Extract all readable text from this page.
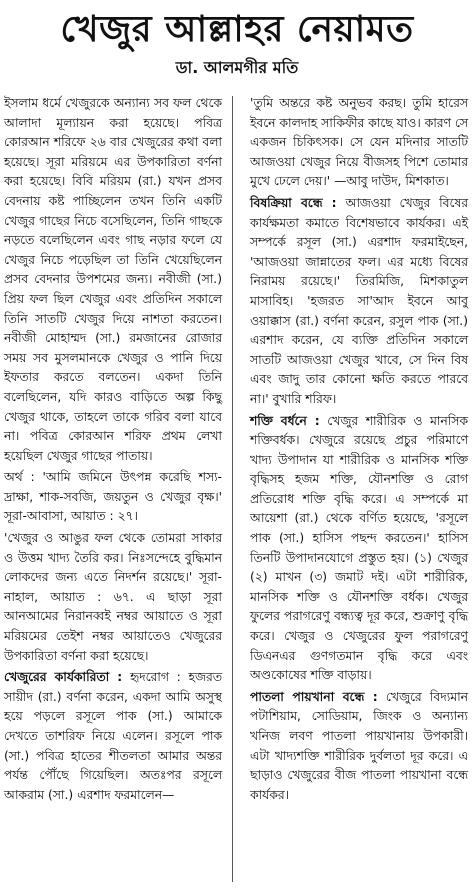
খেজুর আল্লাহর নেয়ামত
ডা. আলমগীর মতি

ইসলাম ধর্মে খেজুরকে অন্যান্য সব ফল থেকে আলাদা মূল্যায়ন করা হয়েছে। পবিত্র কোরআন শরিফে ২৬ বার খেজুরের কথা বলা হয়েছে। সূরা মরিয়মে এর উপকারিতা বর্ণনা করা হয়েছে। বিবি মরিয়ম (রা.) যখন প্রসব বেদনায় কষ্ট পাচ্ছিলেন তখন তিনি একটি খেজুর গাছের নিচে বসেছিলেন, তিনি গাছকে নড়তে বলেছিলেন এবং গাছ নড়ার ফলে যে খেজুর নিচে পড়েছিল তা তিনি খেয়েছিলেন প্রসব বেদনার উপশমের জন্য। নবীজী (সা.) প্রিয় ফল ছিল খেজুর এবং প্রতিদিন সকালে তিনি সাতটি খেজুর দিয়ে নাশতা করতেন। নবীজী মোহাম্মদ (সা.) রমজানের রোজার সময় সব মুসলমানকে খেজুর ও পানি দিয়ে ইফতার করতে বলতেন। একদা তিনি বলেছিলেন, যদি কারও বাড়িতে অল্প কিছু খেজুর থাকে, তাহলে তাকে গরিব বলা যাবে না। পবিত্র কোরআন শরিফ প্রথম লেখা হয়েছিল খেজুর গাছের পাতায়।

অর্থ : 'আমি জমিনে উৎপন্ন করেছি শস্য-দ্রাক্ষা, শাক-সবজি, জয়তুন ও খেজুর বৃক্ষ।' সূরা-আবাসা, আয়াত : ২৭।

'খেজুর ও আঙুর ফল থেকে তোমরা সাকার ও উত্তম খাদ্য তৈরি কর। নিঃসন্দেহে বুদ্ধিমান লোকদের জন্য এতে নিদর্শন রয়েছে।' সূরা- নাহাল, আয়াত : ৬৭. এ ছাড়া সূরা আনআমের নিরানব্বই নম্বর আয়াতে ও সূরা মরিয়মের তেইশ নম্বর আয়াতেও খেজুরের উপকারিতা বর্ণনা করা হয়েছে।

খেজুরের কার্যকারিতা : হৃদরোগ : হজরত সায়ীদ (রা.) বর্ণনা করেন, একদা আমি অসুস্থ হয়ে পড়লে রসূলে পাক (সা.) আমাকে দেখতে তাশরিফ নিয়ে এলেন। রসূলে পাক (সা.) পবিত্র হাতের শীতলতা আমার অন্তর পর্যন্ত পৌঁছে গিয়েছিল। অতঃপর রসূলে আকরাম (সা.) এরশাদ ফরমালেন—

'তুমি অন্তরে কষ্ট অনুভব করছ। তুমি হারেস ইবনে কালদাহ সাকিফীর কাছে যাও। কারণ সে একজন চিকিৎসক। সে যেন মদিনার সাতটি আজওয়া খেজুর নিয়ে বীজসহ পিশে তোমার মুখে ঢেলে দেয়।' —আবু দাউদ, মিশকাত।

বিষক্রিয়া বন্ধে : আজওয়া খেজুর বিষের কার্যক্ষমতা কমাতে বিশেষভাবে কার্যকর। এই সম্পর্কে রসূল (সা.) এরশাদ ফরমাইছেন, 'আজওয়া জান্নাতের ফল। এর মধ্যে বিষের নিরাময় রয়েছে।' তিরমিজি, মিশকাতুল মাসাবিহ। 'হজরত সা'আদ ইবনে আবু ওয়াক্কাস (রা.) বর্ণনা করেন, রসুল পাক (সা.) এরশাদ করেন, যে ব্যক্তি প্রতিদিন সকালে সাতটি আজওয়া খেজুর খাবে, সে দিন বিষ এবং জাদু তার কোনো ক্ষতি করতে পারবে না।' বুখারি শরিফ।

শক্তি বর্ধনে : খেজুর শারীরিক ও মানসিক শক্তিবর্ধক। খেজুরে রয়েছে প্রচুর পরিমাণে খাদ্য উপাদান যা শারীরিক ও মানসিক শক্তি বৃদ্ধিসহ হজম শক্তি, যৌনশক্তি ও রোগ প্রতিরোধ শক্তি বৃদ্ধি করে। এ সম্পর্কে মা আয়েশা (রা.) থেকে বর্ণিত হয়েছে, 'রসূলে পাক (সা.) হাসিস পছন্দ করতেন।' হাসিস তিনটি উপাদানযোগে প্রস্তুত হয়। (১) খেজুর (২) মাখন (৩) জমাট দই। এটা শারীরিক, মানসিক শক্তি ও যৌনশক্তি বর্ধক। খেজুর ফুলের পরাগরেণু বন্ধ্যত্ব দূর করে, শুক্রাণু বৃদ্ধি করে। খেজুর ও খেজুরের ফুল পরাগরেণু ডিএনএর গুণগতমান বৃদ্ধি করে এবং অণ্ডকোষের শক্তি বাড়ায়।

পাতলা পায়খানা বন্ধে : খেজুরে বিদ্যমান পটাশিয়াম, সোডিয়াম, জিংক ও অন্যান্য খনিজ লবণ পাতলা পায়খানায় উপকারী। এটা খাদ্যশক্তি শারীরিক দুর্বলতা দূর করে। এ ছাড়াও খেজুরের বীজ পাতলা পায়খানা বন্ধে কার্যকর।
